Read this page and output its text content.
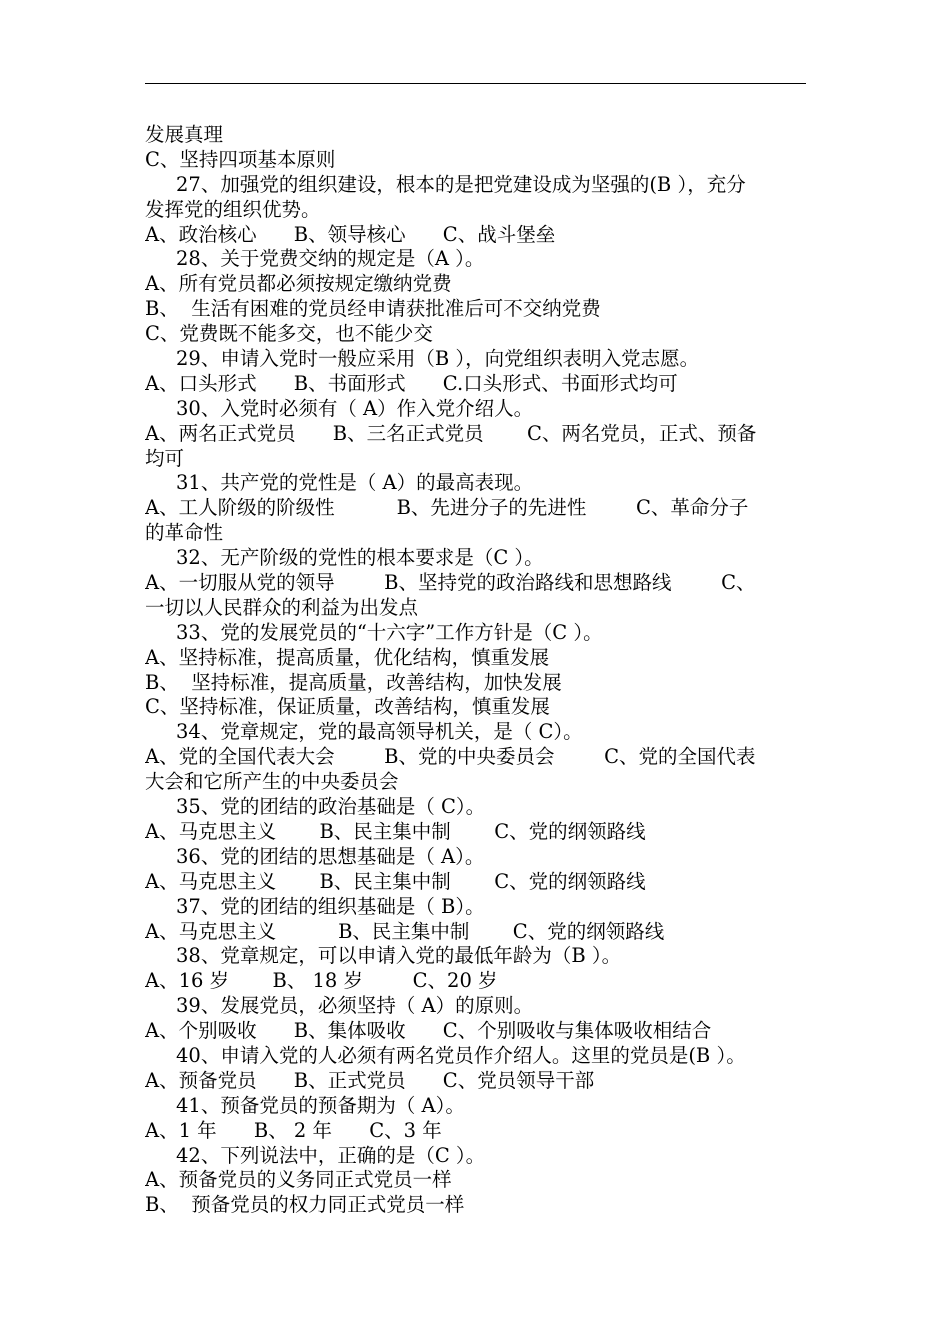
发展真理
C、坚持四项基本原则
27、加强党的组织建设，根本的是把党建设成为坚强的(B ），充分
发挥党的组织优势。
A、政治核心      B、领导核心      C、战斗堡垒
28、关于党费交纳的规定是（A ）。
A、所有党员都必须按规定缴纳党费
B、  生活有困难的党员经申请获批准后可不交纳党费
C、党费既不能多交，也不能少交
29、申请入党时一般应采用（B ），向党组织表明入党志愿。
A、口头形式      B、书面形式      C.口头形式、书面形式均可
30、入党时必须有（ A）作入党介绍人。
A、两名正式党员      B、三名正式党员       C、两名党员，正式、预备
均可
31、共产党的党性是（ A）的最高表现。
A、工人阶级的阶级性          B、先进分子的先进性        C、革命分子
的革命性
32、无产阶级的党性的根本要求是（C ）。
A、一切服从党的领导        B、坚持党的政治路线和思想路线        C、
一切以人民群众的利益为出发点
33、党的发展党员的“十六字”工作方针是（C ）。
A、坚持标准，提高质量，优化结构，慎重发展
B、  坚持标准，提高质量，改善结构，加快发展
C、坚持标准，保证质量，改善结构，慎重发展
34、党章规定，党的最高领导机关，是（ C）。
A、党的全国代表大会        B、党的中央委员会        C、党的全国代表
大会和它所产生的中央委员会
35、党的团结的政治基础是（ C）。
A、马克思主义       B、民主集中制       C、党的纲领路线
36、党的团结的思想基础是（ A）。
A、马克思主义       B、民主集中制       C、党的纲领路线
37、党的团结的组织基础是（ B）。
A、马克思主义          B、民主集中制       C、党的纲领路线
38、党章规定，可以申请入党的最低年龄为（B ）。
A、16 岁       B、 18 岁        C、20 岁
39、发展党员，必须坚持（ A）的原则。
A、个别吸收      B、集体吸收      C、个别吸收与集体吸收相结合
40、申请入党的人必须有两名党员作介绍人。这里的党员是(B ）。
A、预备党员      B、正式党员      C、党员领导干部
41、预备党员的预备期为（ A）。
A、1 年      B、 2 年      C、3 年
42、下列说法中，正确的是（C ）。
A、预备党员的义务同正式党员一样
B、  预备党员的权力同正式党员一样
